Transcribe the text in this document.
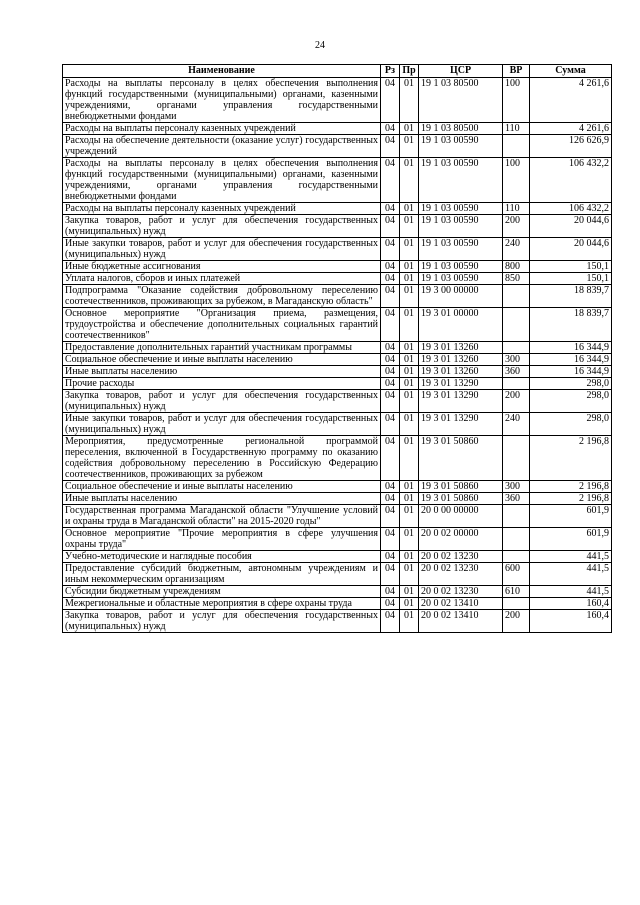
24
Наименование	Рз	Пр	ЦСР	ВР	Сумма
Расходы на выплаты персоналу в целях обеспечения выполнения функций государственными (муниципальными) органами, казенными учреждениями, органами управления государственными внебюджетными фондами	04	01	19 1 03 80500	100	4 261,6
Расходы на выплаты персоналу казенных учреждений	04	01	19 1 03 80500	110	4 261,6
Расходы на обеспечение деятельности (оказание услуг) государственных учреждений	04	01	19 1 03 00590		126 626,9
Расходы на выплаты персоналу в целях обеспечения выполнения функций государственными (муниципальными) органами, казенными учреждениями, органами управления государственными внебюджетными фондами	04	01	19 1 03 00590	100	106 432,2
Расходы на выплаты персоналу казенных учреждений	04	01	19 1 03 00590	110	106 432,2
Закупка товаров, работ и услуг для обеспечения государственных (муниципальных) нужд	04	01	19 1 03 00590	200	20 044,6
Иные закупки товаров, работ и услуг для обеспечения государственных (муниципальных) нужд	04	01	19 1 03 00590	240	20 044,6
Иные бюджетные ассигнования	04	01	19 1 03 00590	800	150,1
Уплата налогов, сборов и иных платежей	04	01	19 1 03 00590	850	150,1
Подпрограмма "Оказание содействия добровольному переселению соотечественников, проживающих за рубежом, в Магаданскую область"	04	01	19 3 00 00000		18 839,7
Основное мероприятие "Организация приема, размещения, трудоустройства и обеспечение дополнительных социальных гарантий соотечественников"	04	01	19 3 01 00000		18 839,7
Предоставление дополнительных гарантий участникам программы	04	01	19 3 01 13260		16 344,9
Социальное обеспечение и иные выплаты населению	04	01	19 3 01 13260	300	16 344,9
Иные выплаты населению	04	01	19 3 01 13260	360	16 344,9
Прочие расходы	04	01	19 3 01 13290		298,0
Закупка товаров, работ и услуг для обеспечения государственных (муниципальных) нужд	04	01	19 3 01 13290	200	298,0
Иные закупки товаров, работ и услуг для обеспечения государственных (муниципальных) нужд	04	01	19 3 01 13290	240	298,0
Мероприятия, предусмотренные региональной программой переселения, включенной в Государственную программу по оказанию содействия добровольному переселению в Российскую Федерацию соотечественников, проживающих за рубежом	04	01	19 3 01 50860		2 196,8
Социальное обеспечение и иные выплаты населению	04	01	19 3 01 50860	300	2 196,8
Иные выплаты населению	04	01	19 3 01 50860	360	2 196,8
Государственная программа Магаданской области "Улучшение условий и охраны труда в Магаданской области" на 2015-2020 годы"	04	01	20 0 00 00000		601,9
Основное мероприятие "Прочие мероприятия в сфере улучшения охраны труда"	04	01	20 0 02 00000		601,9
Учебно-методические и наглядные пособия	04	01	20 0 02 13230		441,5
Предоставление субсидий бюджетным, автономным учреждениям и иным некоммерческим организациям	04	01	20 0 02 13230	600	441,5
Субсидии бюджетным учреждениям	04	01	20 0 02 13230	610	441,5
Межрегиональные и областные мероприятия в сфере охраны труда	04	01	20 0 02 13410		160,4
Закупка товаров, работ и услуг для обеспечения государственных (муниципальных) нужд	04	01	20 0 02 13410	200	160,4
